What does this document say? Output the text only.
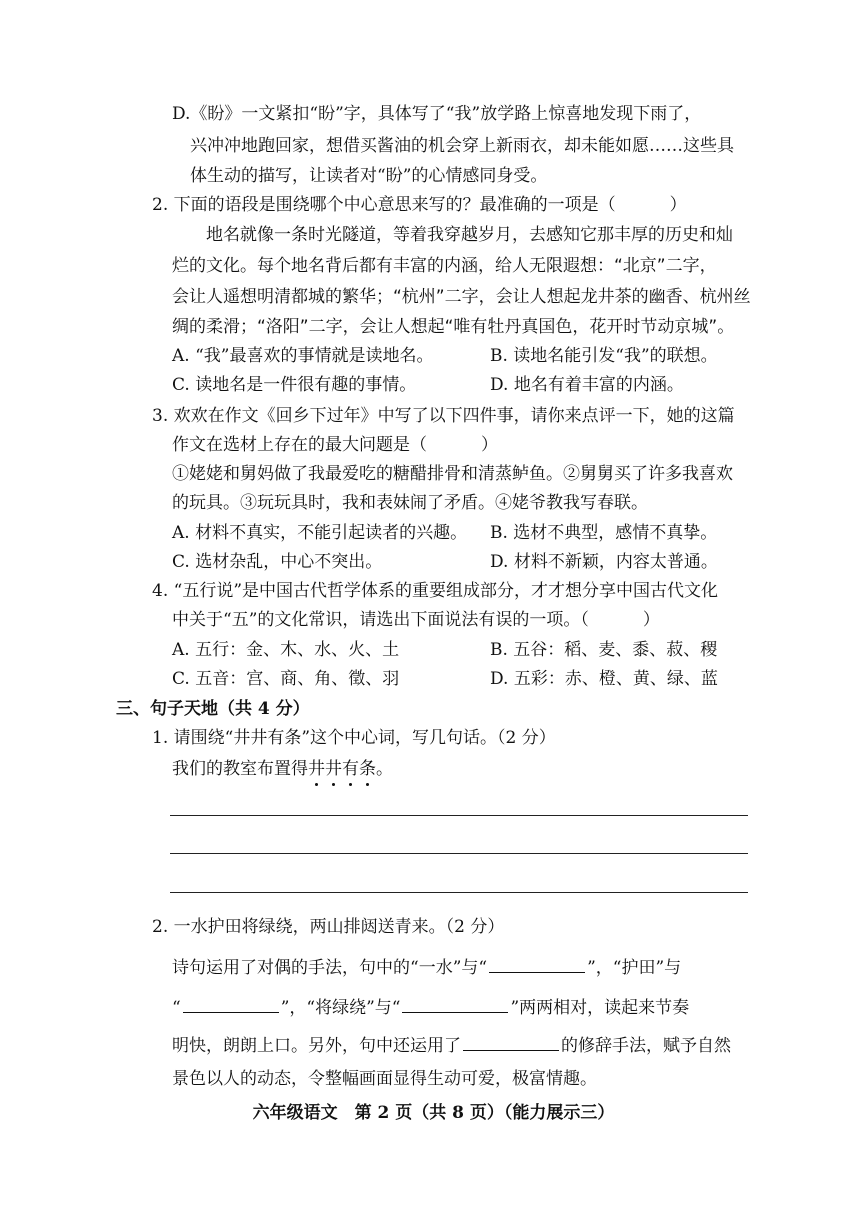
D.《盼》一文紧扣“盼”字，具体写了“我”放学路上惊喜地发现下雨了，
兴冲冲地跑回家，想借买酱油的机会穿上新雨衣，却未能如愿……这些具
体生动的描写，让读者对“盼”的心情感同身受。
2. 下面的语段是围绕哪个中心意思来写的？最准确的一项是（	）
地名就像一条时光隧道，等着我穿越岁月，去感知它那丰厚的历史和灿
烂的文化。每个地名背后都有丰富的内涵，给人无限遐想：“北京”二字，
会让人遥想明清都城的繁华；“杭州”二字，会让人想起龙井茶的幽香、杭州丝
绸的柔滑；“洛阳”二字，会让人想起“唯有牡丹真国色，花开时节动京城”。
A. “我”最喜欢的事情就是读地名。	B. 读地名能引发“我”的联想。
C. 读地名是一件很有趣的事情。	D. 地名有着丰富的内涵。
3. 欢欢在作文《回乡下过年》中写了以下四件事，请你来点评一下，她的这篇
作文在选材上存在的最大问题是（	）
①姥姥和舅妈做了我最爱吃的糖醋排骨和清蒸鲈鱼。②舅舅买了许多我喜欢
的玩具。③玩玩具时，我和表妹闹了矛盾。④姥爷教我写春联。
A. 材料不真实，不能引起读者的兴趣。 B. 选材不典型，感情不真挚。
C. 选材杂乱，中心不突出。	D. 材料不新颖，内容太普通。
4. “五行说”是中国古代哲学体系的重要组成部分，才才想分享中国古代文化
中关于“五”的文化常识，请选出下面说法有误的一项。（	）
A. 五行：金、木、水、火、土	B. 五谷：稻、麦、黍、菽、稷
C. 五音：宫、商、角、徵、羽	D. 五彩：赤、橙、黄、绿、蓝
三、句子天地（共 4 分）
1. 请围绕“井井有条”这个中心词，写几句话。（2 分）
我们的教室布置得井井有条。
2. 一水护田将绿绕，两山排闼送青来。（2 分）
诗句运用了对偶的手法，句中的“一水”与“	”，“护田”与
“	”，“将绿绕”与“	”两两相对，读起来节奏
明快，朗朗上口。另外，句中还运用了	的修辞手法，赋予自然
景色以人的动态，令整幅画面显得生动可爱，极富情趣。
六年级语文　第 2 页（共 8 页）（能力展示三）
